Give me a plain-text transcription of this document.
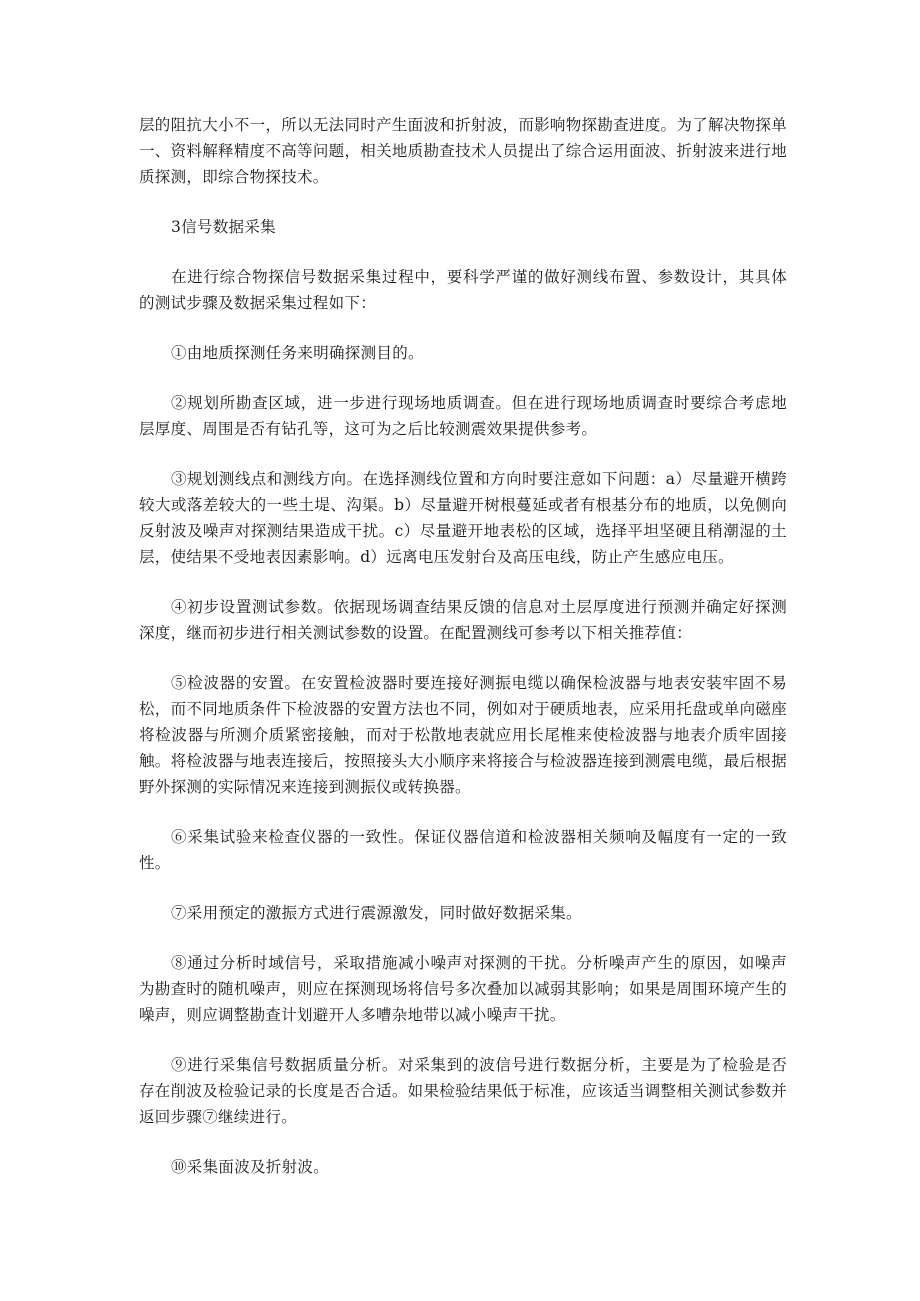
层的阻抗大小不一，所以无法同时产生面波和折射波，而影响物探勘查进度。为了解决物探单一、资料解释精度不高等问题，相关地质勘查技术人员提出了综合运用面波、折射波来进行地质探测，即综合物探技术。

3信号数据采集

在进行综合物探信号数据采集过程中，要科学严谨的做好测线布置、参数设计，其具体的测试步骤及数据采集过程如下：

①由地质探测任务来明确探测目的。

②规划所勘查区域，进一步进行现场地质调查。但在进行现场地质调查时要综合考虑地层厚度、周围是否有钻孔等，这可为之后比较测震效果提供参考。

③规划测线点和测线方向。在选择测线位置和方向时要注意如下问题：a）尽量避开横跨较大或落差较大的一些土堤、沟渠。b）尽量避开树根蔓延或者有根基分布的地质，以免侧向反射波及噪声对探测结果造成干扰。c）尽量避开地表松的区域，选择平坦坚硬且稍潮湿的土层，使结果不受地表因素影响。d）远离电压发射台及高压电线，防止产生感应电压。

④初步设置测试参数。依据现场调查结果反馈的信息对土层厚度进行预测并确定好探测深度，继而初步进行相关测试参数的设置。在配置测线可参考以下相关推荐值：

⑤检波器的安置。在安置检波器时要连接好测振电缆以确保检波器与地表安装牢固不易松，而不同地质条件下检波器的安置方法也不同，例如对于硬质地表，应采用托盘或单向磁座将检波器与所测介质紧密接触，而对于松散地表就应用长尾椎来使检波器与地表介质牢固接触。将检波器与地表连接后，按照接头大小顺序来将接合与检波器连接到测震电缆，最后根据野外探测的实际情况来连接到测振仪或转换器。

⑥采集试验来检查仪器的一致性。保证仪器信道和检波器相关频响及幅度有一定的一致性。

⑦采用预定的激振方式进行震源激发，同时做好数据采集。

⑧通过分析时域信号，采取措施减小噪声对探测的干扰。分析噪声产生的原因，如噪声为勘查时的随机噪声，则应在探测现场将信号多次叠加以减弱其影响；如果是周围环境产生的噪声，则应调整勘查计划避开人多嘈杂地带以减小噪声干扰。

⑨进行采集信号数据质量分析。对采集到的波信号进行数据分析，主要是为了检验是否存在削波及检验记录的长度是否合适。如果检验结果低于标准，应该适当调整相关测试参数并返回步骤⑦继续进行。

⑩采集面波及折射波。
